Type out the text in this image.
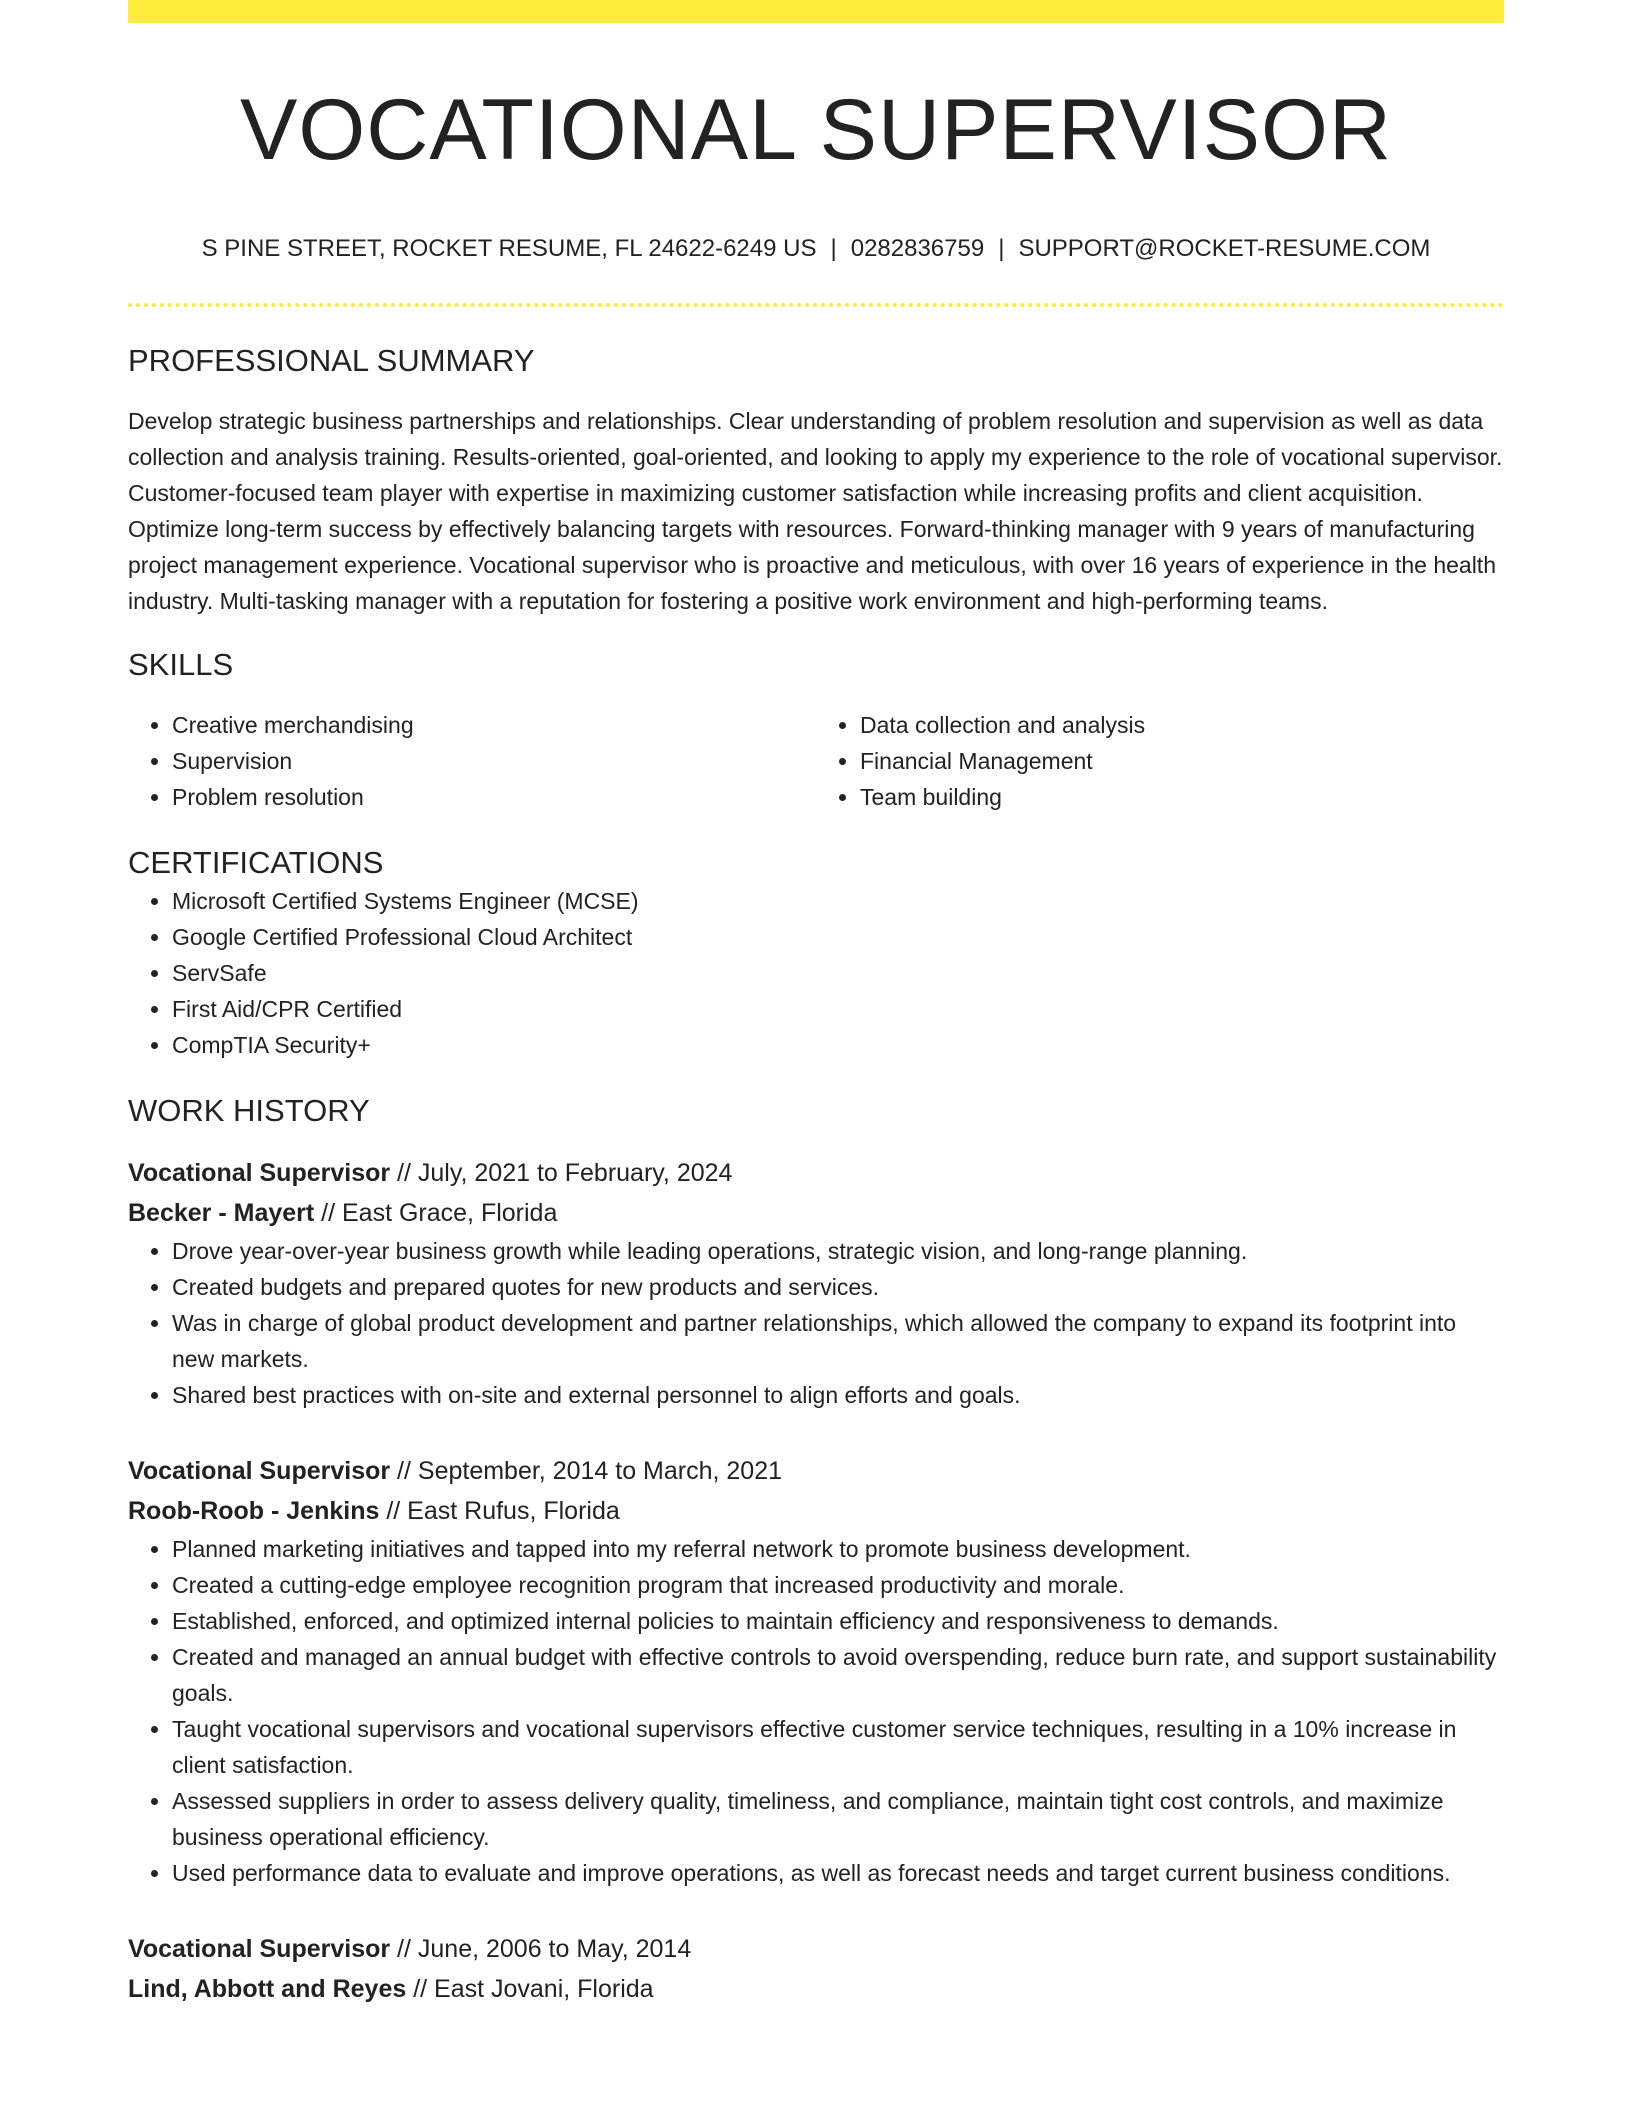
VOCATIONAL SUPERVISOR
S PINE STREET, ROCKET RESUME, FL 24622-6249 US | 0282836759 | SUPPORT@ROCKET-RESUME.COM
PROFESSIONAL SUMMARY

Develop strategic business partnerships and relationships. Clear understanding of problem resolution and supervision as well as data collection and analysis training. Results-oriented, goal-oriented, and looking to apply my experience to the role of vocational supervisor. Customer-focused team player with expertise in maximizing customer satisfaction while increasing profits and client acquisition. Optimize long-term success by effectively balancing targets with resources. Forward-thinking manager with 9 years of manufacturing project management experience. Vocational supervisor who is proactive and meticulous, with over 16 years of experience in the health industry. Multi-tasking manager with a reputation for fostering a positive work environment and high-performing teams.

SKILLS
• Creative merchandising
• Supervision
• Problem resolution
• Data collection and analysis
• Financial Management
• Team building
CERTIFICATIONS
• Microsoft Certified Systems Engineer (MCSE)
• Google Certified Professional Cloud Architect
• ServSafe
• First Aid/CPR Certified
• CompTIA Security+
WORK HISTORY
Vocational Supervisor // July, 2021 to February, 2024
Becker - Mayert // East Grace, Florida
• Drove year-over-year business growth while leading operations, strategic vision, and long-range planning.
• Created budgets and prepared quotes for new products and services.
• Was in charge of global product development and partner relationships, which allowed the company to expand its footprint into new markets.
• Shared best practices with on-site and external personnel to align efforts and goals.
Vocational Supervisor // September, 2014 to March, 2021
Roob-Roob - Jenkins // East Rufus, Florida
• Planned marketing initiatives and tapped into my referral network to promote business development.
• Created a cutting-edge employee recognition program that increased productivity and morale.
• Established, enforced, and optimized internal policies to maintain efficiency and responsiveness to demands.
• Created and managed an annual budget with effective controls to avoid overspending, reduce burn rate, and support sustainability goals.
• Taught vocational supervisors and vocational supervisors effective customer service techniques, resulting in a 10% increase in client satisfaction.
• Assessed suppliers in order to assess delivery quality, timeliness, and compliance, maintain tight cost controls, and maximize business operational efficiency.
• Used performance data to evaluate and improve operations, as well as forecast needs and target current business conditions.
Vocational Supervisor // June, 2006 to May, 2014
Lind, Abbott and Reyes // East Jovani, Florida
